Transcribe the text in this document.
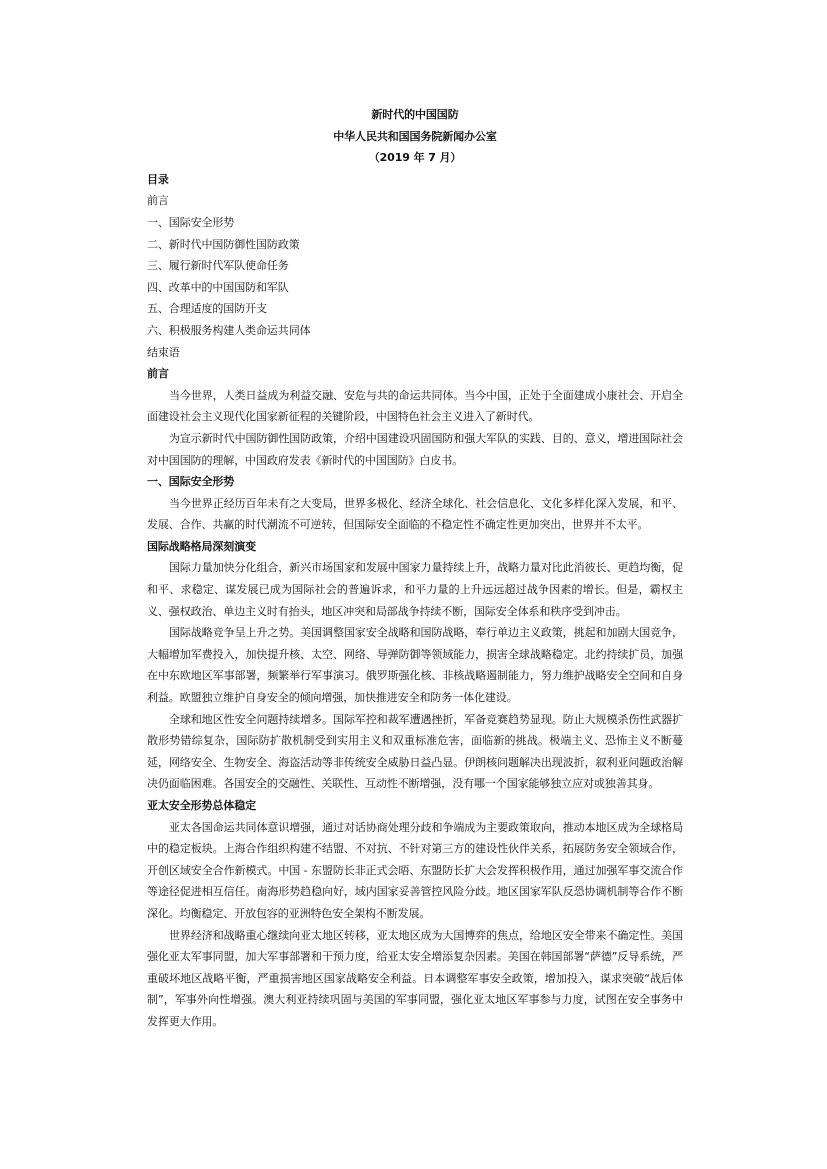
新时代的中国国防

中华人民共和国国务院新闻办公室

（2019 年 7 月）

目录

前言

一、国际安全形势

二、新时代中国防御性国防政策

三、履行新时代军队使命任务

四、改革中的中国国防和军队

五、合理适度的国防开支

六、积极服务构建人类命运共同体

结束语

前言

当今世界，人类日益成为利益交融、安危与共的命运共同体。当今中国，正处于全面建成小康社会、开启全面建设社会主义现代化国家新征程的关键阶段，中国特色社会主义进入了新时代。

为宣示新时代中国防御性国防政策，介绍中国建设巩固国防和强大军队的实践、目的、意义，增进国际社会对中国国防的理解，中国政府发表《新时代的中国国防》白皮书。

一、国际安全形势

当今世界正经历百年未有之大变局，世界多极化、经济全球化、社会信息化、文化多样化深入发展，和平、发展、合作、共赢的时代潮流不可逆转，但国际安全面临的不稳定性不确定性更加突出，世界并不太平。

国际战略格局深刻演变

国际力量加快分化组合，新兴市场国家和发展中国家力量持续上升，战略力量对比此消彼长、更趋均衡，促和平、求稳定、谋发展已成为国际社会的普遍诉求，和平力量的上升远远超过战争因素的增长。但是，霸权主义、强权政治、单边主义时有抬头，地区冲突和局部战争持续不断，国际安全体系和秩序受到冲击。

国际战略竞争呈上升之势。美国调整国家安全战略和国防战略，奉行单边主义政策，挑起和加剧大国竞争，大幅增加军费投入，加快提升核、太空、网络、导弹防御等领域能力，损害全球战略稳定。北约持续扩员，加强在中东欧地区军事部署，频繁举行军事演习。俄罗斯强化核、非核战略遏制能力，努力维护战略安全空间和自身利益。欧盟独立维护自身安全的倾向增强，加快推进安全和防务一体化建设。

全球和地区性安全问题持续增多。国际军控和裁军遭遇挫折，军备竞赛趋势显现。防止大规模杀伤性武器扩散形势错综复杂，国际防扩散机制受到实用主义和双重标准危害，面临新的挑战。极端主义、恐怖主义不断蔓延，网络安全、生物安全、海盗活动等非传统安全威胁日益凸显。伊朗核问题解决出现波折，叙利亚问题政治解决仍面临困难。各国安全的交融性、关联性、互动性不断增强，没有哪一个国家能够独立应对或独善其身。

亚太安全形势总体稳定

亚太各国命运共同体意识增强，通过对话协商处理分歧和争端成为主要政策取向，推动本地区成为全球格局中的稳定板块。上海合作组织构建不结盟、不对抗、不针对第三方的建设性伙伴关系，拓展防务安全领域合作，开创区域安全合作新模式。中国 - 东盟防长非正式会晤、东盟防长扩大会发挥积极作用，通过加强军事交流合作等途径促进相互信任。南海形势趋稳向好，域内国家妥善管控风险分歧。地区国家军队反恐协调机制等合作不断深化。均衡稳定、开放包容的亚洲特色安全架构不断发展。

世界经济和战略重心继续向亚太地区转移，亚太地区成为大国博弈的焦点，给地区安全带来不确定性。美国强化亚太军事同盟，加大军事部署和干预力度，给亚太安全增添复杂因素。美国在韩国部署“萨德”反导系统，严重破坏地区战略平衡，严重损害地区国家战略安全利益。日本调整军事安全政策，增加投入，谋求突破“战后体制”，军事外向性增强。澳大利亚持续巩固与美国的军事同盟，强化亚太地区军事参与力度，试图在安全事务中发挥更大作用。
